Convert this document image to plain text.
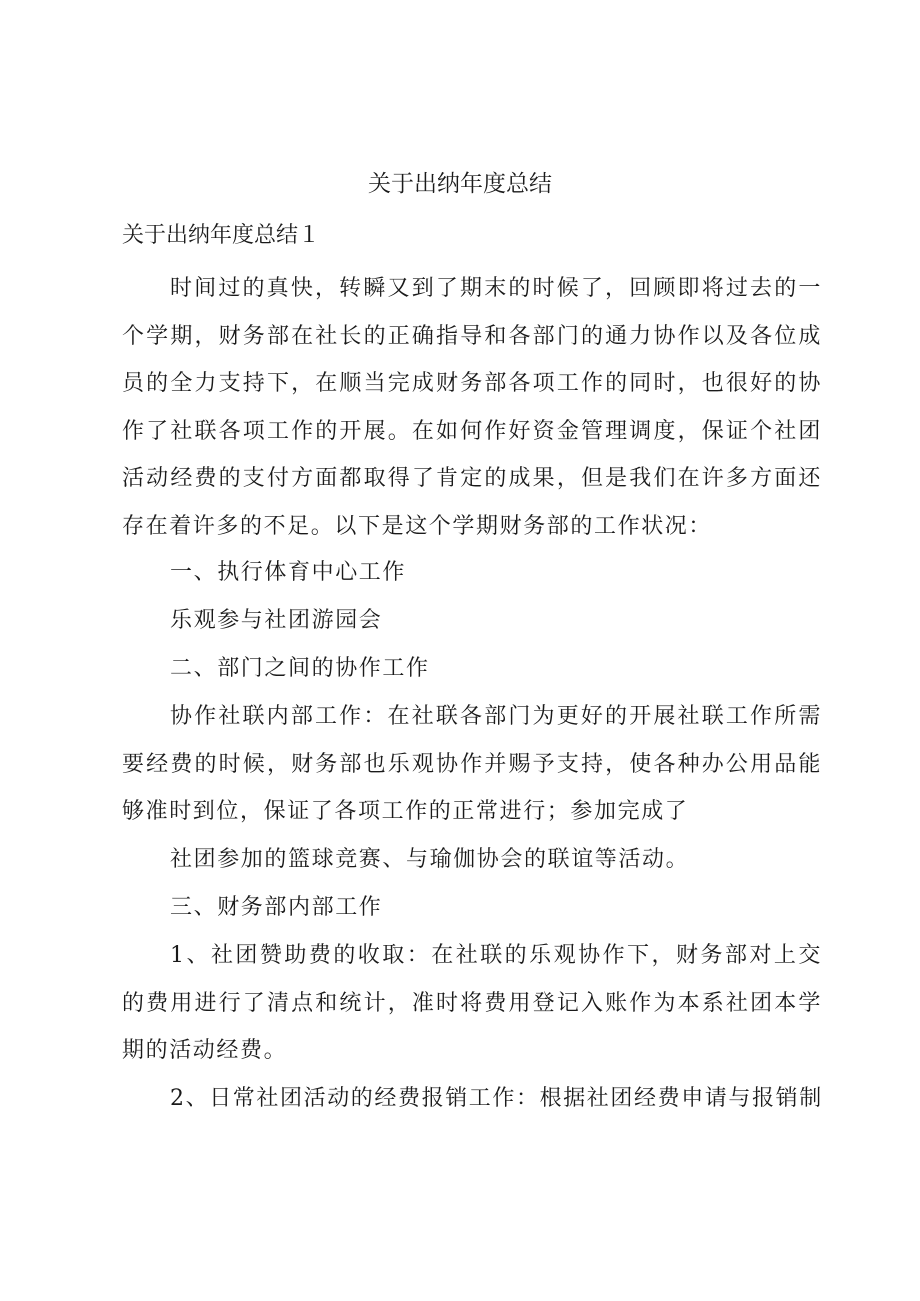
关于出纳年度总结

关于出纳年度总结１

时间过的真快，转瞬又到了期末的时候了，回顾即将过去的一个学期，财务部在社长的正确指导和各部门的通力协作以及各位成员的全力支持下，在顺当完成财务部各项工作的同时，也很好的协作了社联各项工作的开展。在如何作好资金管理调度，保证个社团活动经费的支付方面都取得了肯定的成果，但是我们在许多方面还存在着许多的不足。以下是这个学期财务部的工作状况：

一、执行体育中心工作

乐观参与社团游园会

二、部门之间的协作工作

协作社联内部工作：在社联各部门为更好的开展社联工作所需要经费的时候，财务部也乐观协作并赐予支持，使各种办公用品能够准时到位，保证了各项工作的正常进行；参加完成了

社团参加的篮球竞赛、与瑜伽协会的联谊等活动。

三、财务部内部工作

1、社团赞助费的收取：在社联的乐观协作下，财务部对上交的费用进行了清点和统计，准时将费用登记入账作为本系社团本学期的活动经费。

2、日常社团活动的经费报销工作：根据社团经费申请与报销制
